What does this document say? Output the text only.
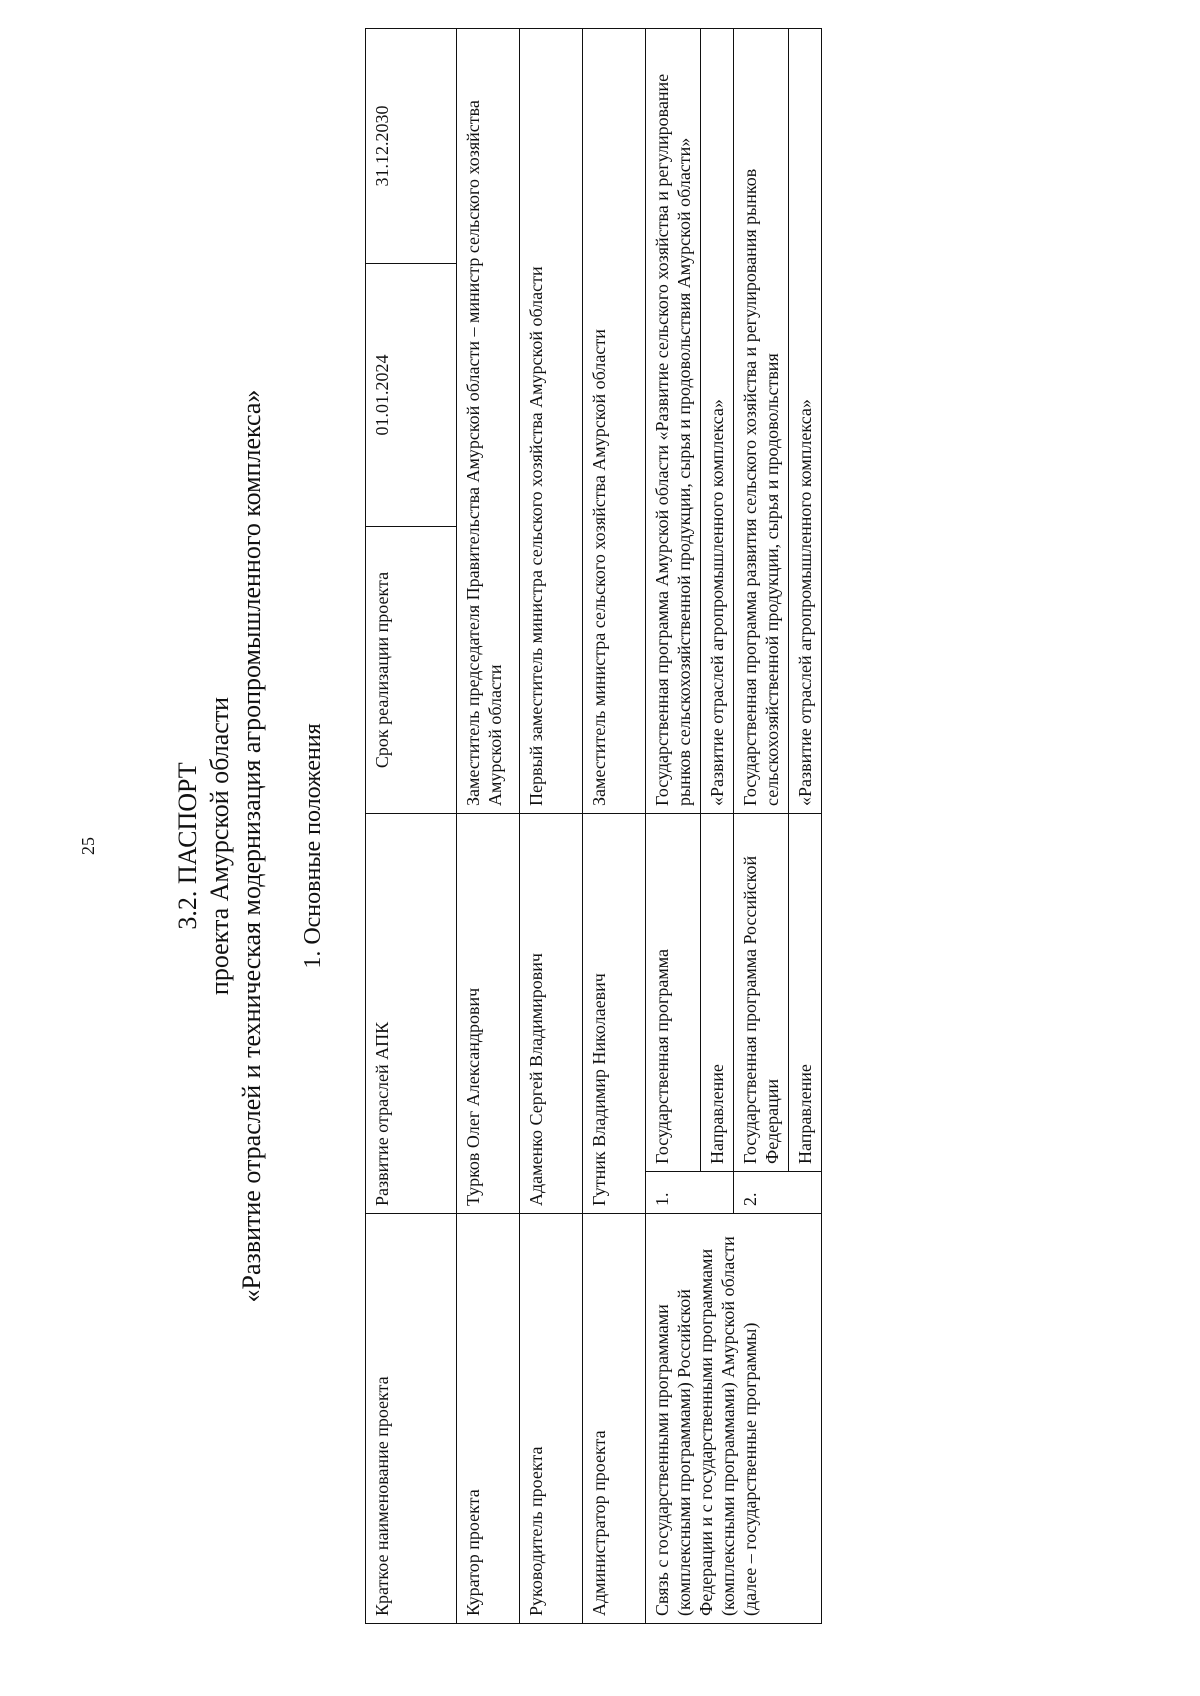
25	3.2. ПАСПОРТ проекта Амурской области «Развитие отраслей и техническая модернизация агропромышленного комплекса» 1. Основные положения
Краткое наименование проекта	Развитие отраслей АПК		Срок реализации проекта	01.01.2024	31.12.2030
Куратор проекта	Турков Олег Александрович		Заместитель председателя Правительства Амурской области – министр сельского хозяйства Амурской области		
Руководитель проекта	Адаменко Сергей Владимирович		Первый заместитель министра сельского хозяйства Амурской области		
Администратор проекта	Гутник Владимир Николаевич		Заместитель министра сельского хозяйства Амурской области		
Связь с государственными программами (комплексными программами) Российской Федерации и с государственными программами (комплексными программами) Амурской области (далее – государственные программы)	1.	Государственная программа	Государственная программа Амурской области «Развитие сельского хозяйства и регулирование рынков сельскохозяйственной продукции, сырья и продовольствия Амурской области»		
		Направление	«Развитие отраслей агропромышленного комплекса»		
	2.	Государственная программа Российской Федерации	Государственная программа развития сельского хозяйства и регулирования рынков сельскохозяйственной продукции, сырья и продовольствия		
		Направление	«Развитие отраслей агропромышленного комплекса»		
